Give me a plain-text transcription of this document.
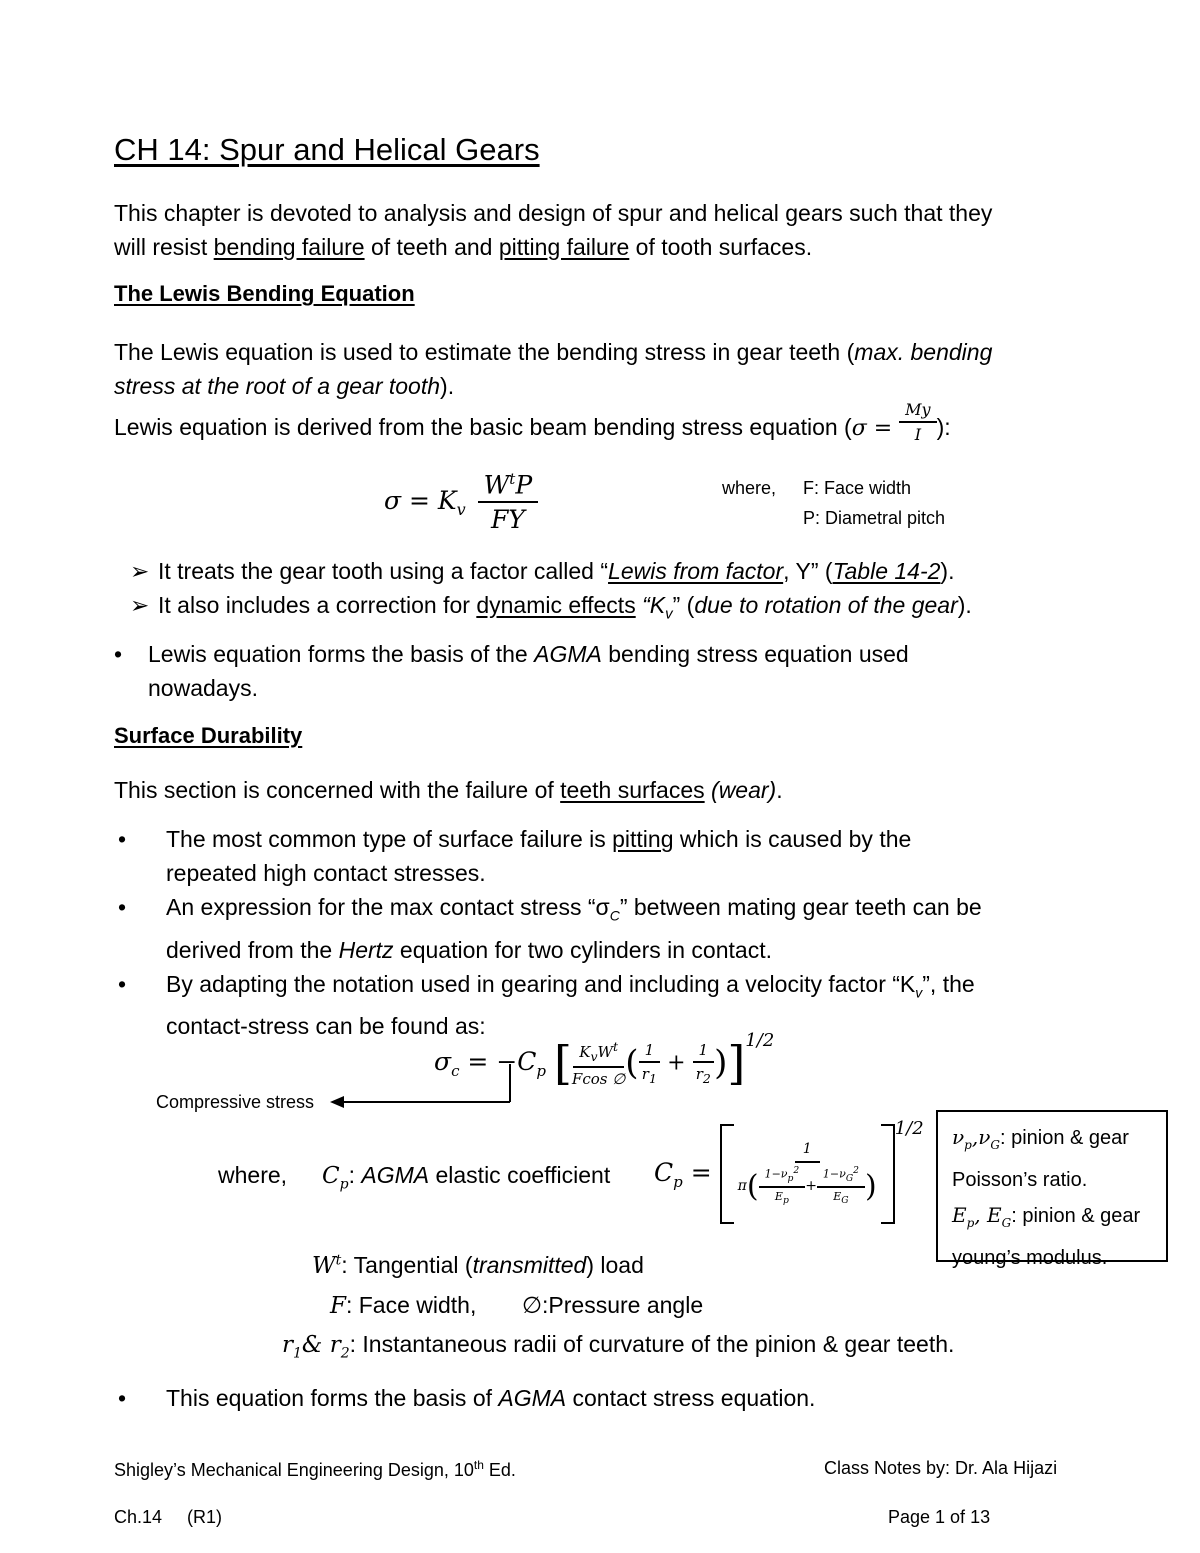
CH 14: Spur and Helical Gears
This chapter is devoted to analysis and design of spur and helical gears such that they
will resist bending failure of teeth and pitting failure of tooth surfaces.
The Lewis Bending Equation
The Lewis equation is used to estimate the bending stress in gear teeth (max. bending
stress at the root of a gear tooth).
Lewis equation is derived from the basic beam bending stress equation ($\sigma = \frac{My}{I}$ ):
$\sigma = K_v \frac{W^tP}{FY}$	where, F: Face width
P: Diametral pitch
➢ It treats the gear tooth using a factor called “Lewis from factor, Y” (Table 14-2).
➢ It also includes a correction for dynamic effects “$K_v$” (due to rotation of the gear).
• Lewis equation forms the basis of the AGMA bending stress equation used
nowadays.
Surface Durability
This section is concerned with the failure of teeth surfaces (wear).
• The most common type of surface failure is pitting which is caused by the
repeated high contact stresses.
• An expression for the max contact stress “$\sigma_C$” between mating gear teeth can be
derived from the Hertz equation for two cylinders in contact.
• By adapting the notation used in gearing and including a velocity factor “$K_v$”, the
contact-stress can be found as:
$\sigma_c = -C_p$ [ $\frac{K_vW^t}{Fcos \emptyset}$ ( $\frac{1}{r_1} + \frac{1}{r_2} )]^{1/2}$
Compressive stress
where, $C_p$: AGMA elastic coefficient $C_p = \frac{1}{\pi ( \frac{1-\nu_p^2}{E_p} + \frac{1-\nu_G^2}{E_G} )}$
$^{1/2}$ $\nu_p,\nu_G$: pinion & gear
Poisson’s ratio.
$E_p$, $E_G$: pinion & gear
young’s modulus.
$W^t$: Tangential (transmitted) load
F: Face width, ∅:Pressure angle
$r_1\&$ $r_2$: Instantaneous radii of curvature of the pinion & gear teeth.
• This equation forms the basis of AGMA contact stress equation.
Shigley’s Mechanical Engineering Design, 10th Ed.	Class Notes by: Dr. Ala Hijazi
Ch.14     (R1)	Page 1 of 13
